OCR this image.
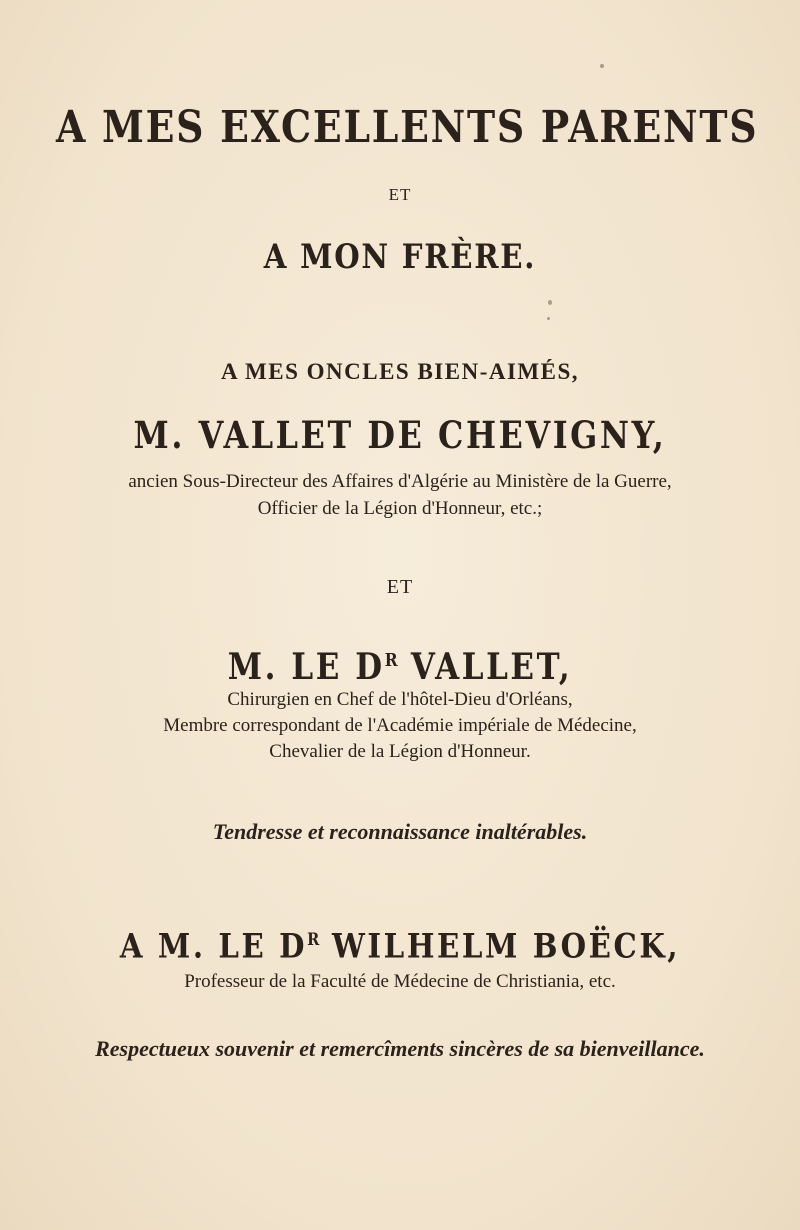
A MES EXCELLENTS PARENTS
ET
A MON FRÈRE.
A MES ONCLES BIEN-AIMÉS,
M. VALLET DE CHEVIGNY,
ancien Sous-Directeur des Affaires d'Algérie au Ministère de la Guerre,
Officier de la Légion d'Honneur, etc.;
ET
M. LE $D^R$ VALLET,
Chirurgien en Chef de l'hôtel-Dieu d'Orléans,
Membre correspondant de l'Académie impériale de Médecine,
Chevalier de la Légion d'Honneur.
Tendresse et reconnaissance inaltérables.
A M. LE $D^R$ WILHELM BOËCK,
Professeur de la Faculté de Médecine de Christiania, etc.
Respectueux souvenir et remercîments sincères de sa bienveillance.
